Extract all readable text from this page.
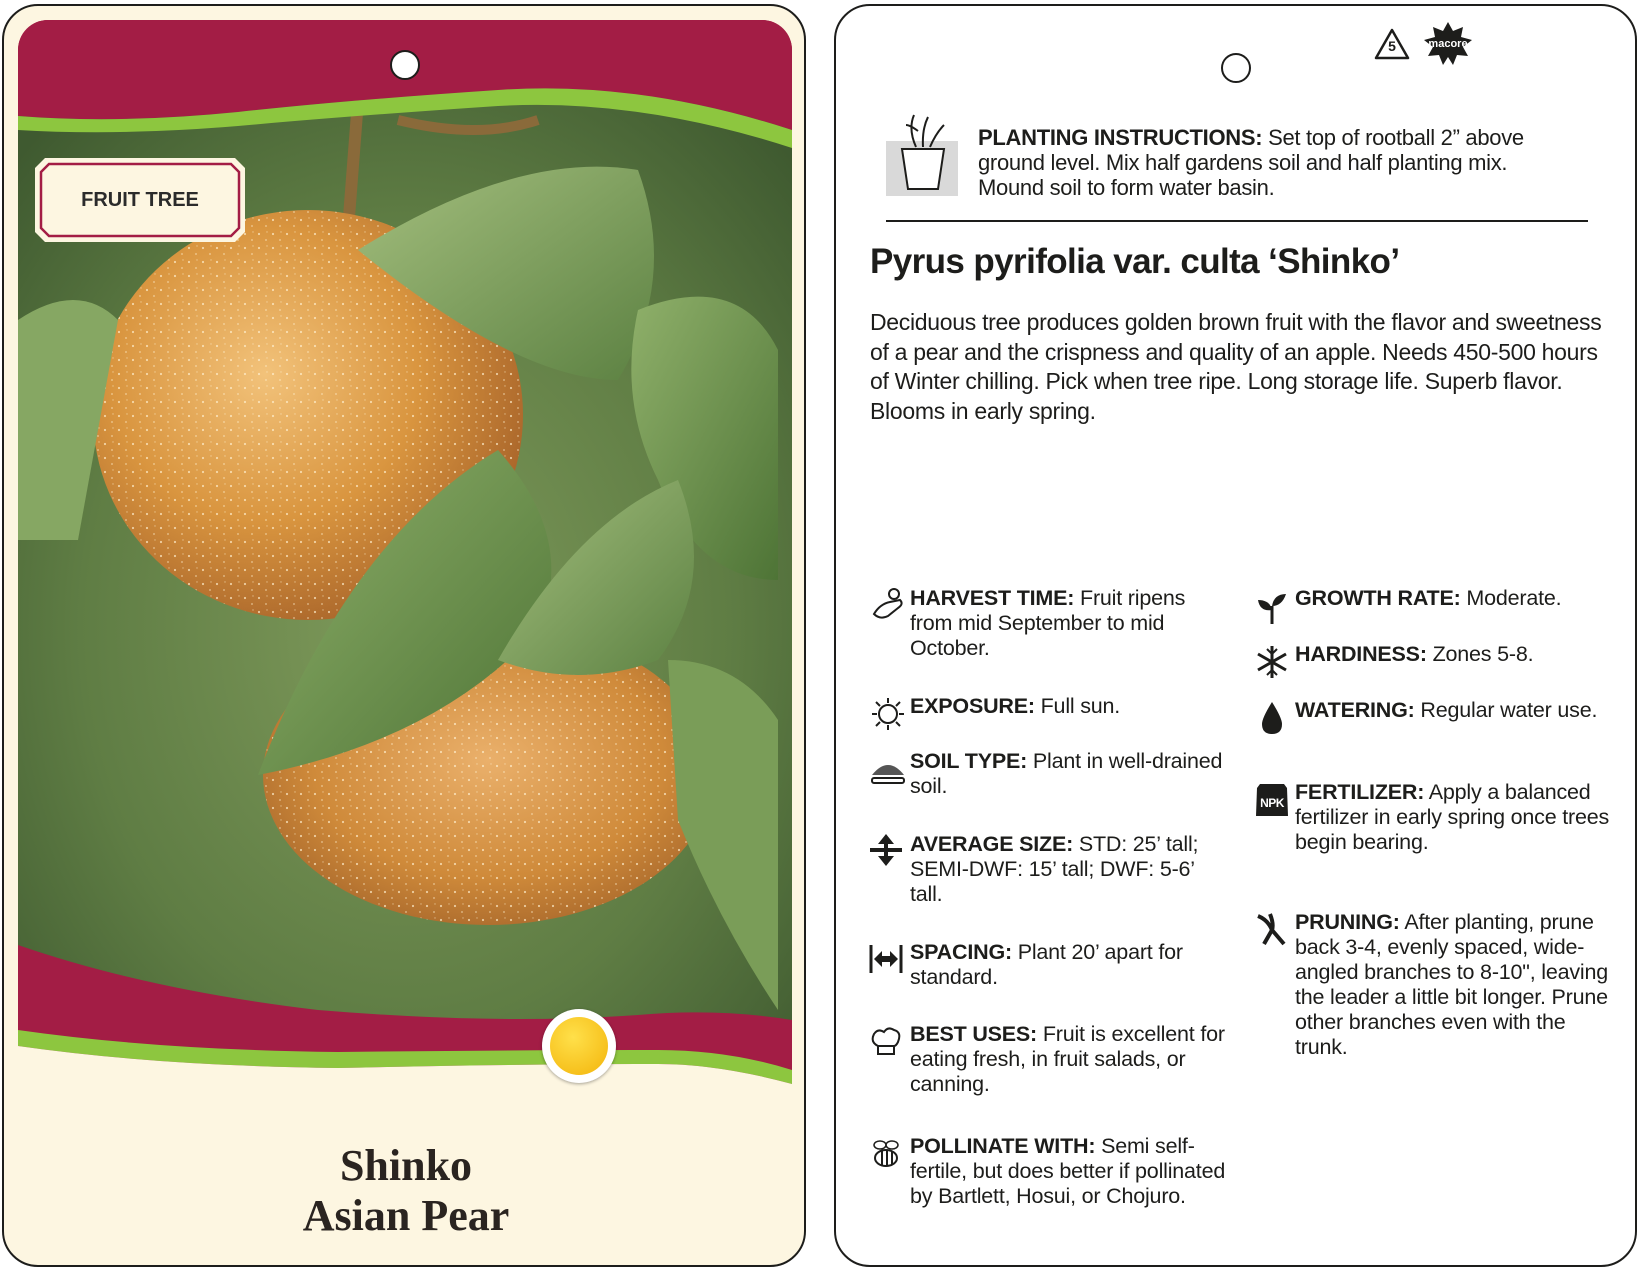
FRUIT TREE
Shinko
Asian Pear
5	macore
PLANTING INSTRUCTIONS: Set top of rootball 2” above ground level. Mix half gardens soil and half planting mix. Mound soil to form water basin.
Pyrus pyrifolia var. culta ‘Shinko’
Deciduous tree produces golden brown fruit with the flavor and sweetness of a pear and the crispness and quality of an apple. Needs 450-500 hours of Winter chilling. Pick when tree ripe. Long storage life. Superb flavor. Blooms in early spring.
HARVEST TIME: Fruit ripens from mid September to mid October.
EXPOSURE: Full sun.
SOIL TYPE: Plant in well-drained soil.
AVERAGE SIZE: STD: 25’ tall; SEMI-DWF: 15’ tall; DWF: 5-6’ tall.
SPACING: Plant 20’ apart for standard.
BEST USES: Fruit is excellent for eating fresh, in fruit salads, or canning.
POLLINATE WITH: Semi self-fertile, but does better if pollinated by Bartlett, Hosui, or Chojuro.
GROWTH RATE: Moderate.
HARDINESS: Zones 5-8.
WATERING: Regular water use.
NPK FERTILIZER: Apply a balanced fertilizer in early spring once trees begin bearing.
PRUNING: After planting, prune back 3-4, evenly spaced, wide-angled branches to 8-10", leaving the leader a little bit longer. Prune other branches even with the trunk.
